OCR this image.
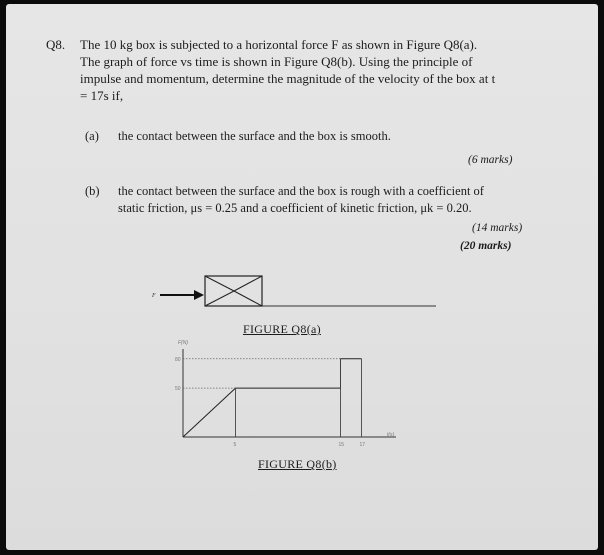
Q8. The 10 kg box is subjected to a horizontal force F as shown in Figure Q8(a).
The graph of force vs time is shown in Figure Q8(b). Using the principle of
impulse and momentum, determine the magnitude of the velocity of the box at t
= 17s if,
(a) the contact between the surface and the box is smooth.
(6 marks)
(b) the contact between the surface and the box is rough with a coefficient of
static friction, μs = 0.25 and a coefficient of kinetic friction, μk = 0.20.
(14 marks)
(20 marks)
F
FIGURE Q8(a)
F(N)
t(s)
5	15	17
50
80
FIGURE Q8(b)
